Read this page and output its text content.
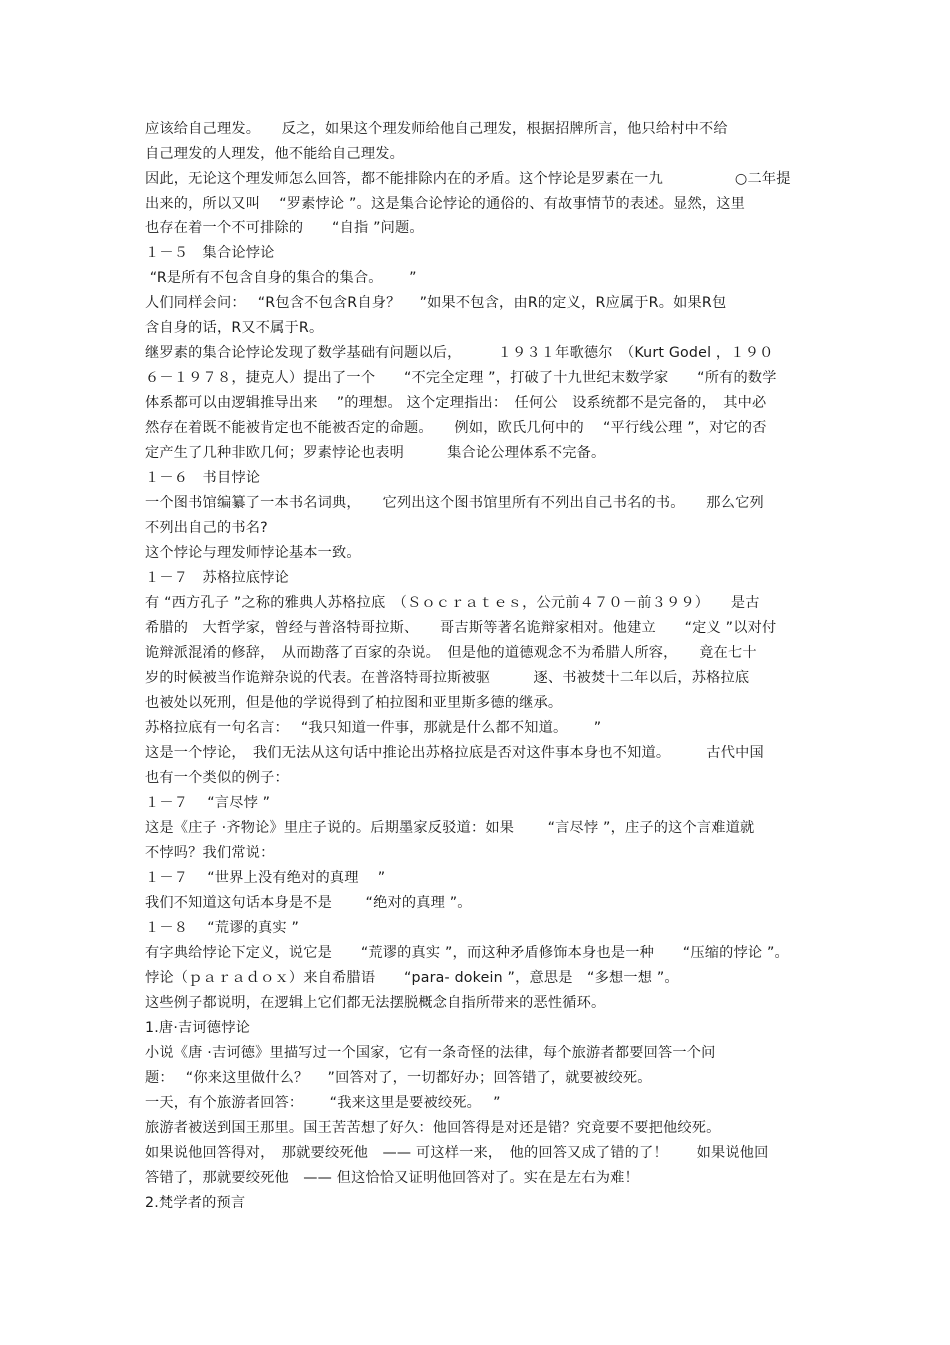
应该给自己理发。　　反之，如果这个理发师给他自己理发，根据招牌所言，他只给村中不给
自己理发的人理发，他不能给自己理发。
因此，无论这个理发师怎么回答，都不能排除内在的矛盾。这个悖论是罗素在一九　　　　　○二年提
出来的，所以又叫　 “罗素悖论 ”。这是集合论悖论的通俗的、有故事情节的表述。显然，这里
也存在着一个不可排除的　　“自指 ”问题。
１－５　集合论悖论
“R是所有不包含自身的集合的集合。　　 ”
人们同样会问：　 “R包含不包含R自身？　 ”如果不包含，由R的定义，R应属于R。如果R包
含自身的话，R又不属于R。
继罗素的集合论悖论发现了数学基础有问题以后，　　　１９３１年歌德尔　（Kurt Godel ，１９０
６－１９７８，捷克人）提出了一个　　“不完全定理 ”，打破了十九世纪末数学家　　“所有的数学
体系都可以由逻辑推导出来　 ”的理想。 这个定理指出：　任何公　设系统都不是完备的，　其中必
然存在着既不能被肯定也不能被否定的命题。　　例如，欧氏几何中的　 “平行线公理 ”，对它的否
定产生了几种非欧几何；罗素悖论也表明　　　集合论公理体系不完备。
１－６　书目悖论
一个图书馆编纂了一本书名词典，　　它列出这个图书馆里所有不列出自己书名的书。　　那么它列
不列出自己的书名?
这个悖论与理发师悖论基本一致。
１－７　苏格拉底悖论
有 “西方孔子 ”之称的雅典人苏格拉底　（Ｓｏｃｒａｔｅｓ，公元前４７０－前３９９）　　是古
希腊的　大哲学家，曾经与普洛特哥拉斯、　　哥吉斯等著名诡辩家相对。他建立　　“定义 ”以对付
诡辩派混淆的修辞，　从而勘落了百家的杂说。　但是他的道德观念不为希腊人所容，　　竟在七十
岁的时候被当作诡辩杂说的代表。在普洛特哥拉斯被驱　　　逐、书被焚十二年以后，苏格拉底
也被处以死刑，但是他的学说得到了柏拉图和亚里斯多德的继承。
苏格拉底有一句名言：　 “我只知道一件事，那就是什么都不知道。　　 ”
这是一个悖论，　我们无法从这句话中推论出苏格拉底是否对这件事本身也不知道。　　　古代中国
也有一个类似的例子：
１－７　 “言尽悖 ”
这是《庄子 ·齐物论》里庄子说的。后期墨家反驳道：如果　　 “言尽悖 ”，庄子的这个言难道就
不悖吗？我们常说：
１－７　 “世界上没有绝对的真理　 ”
我们不知道这句话本身是不是　　 “绝对的真理 ”。
１－８　 “荒谬的真实 ”
有字典给悖论下定义，说它是　　“荒谬的真实 ”，而这种矛盾修饰本身也是一种　　“压缩的悖论 ”。
悖论（ｐａｒａｄｏｘ）来自希腊语　　“para- dokein ”，意思是　“多想一想 ”。
这些例子都说明，在逻辑上它们都无法摆脱概念自指所带来的恶性循环。
1.唐·吉诃德悖论
小说《唐 ·吉诃德》里描写过一个国家，它有一条奇怪的法律，每个旅游者都要回答一个问
题：　 “你来这里做什么？　 ”回答对了，一切都好办；回答错了，就要被绞死。
一天，有个旅游者回答：　　 “我来这里是要被绞死。　 ”
旅游者被送到国王那里。国王苦苦想了好久：他回答得是对还是错？究竟要不要把他绞死。
如果说他回答得对，　那就要绞死他　—— 可这样一来，　他的回答又成了错的了！　　如果说他回
答错了，那就要绞死他　—— 但这恰恰又证明他回答对了。实在是左右为难！
2.梵学者的预言
